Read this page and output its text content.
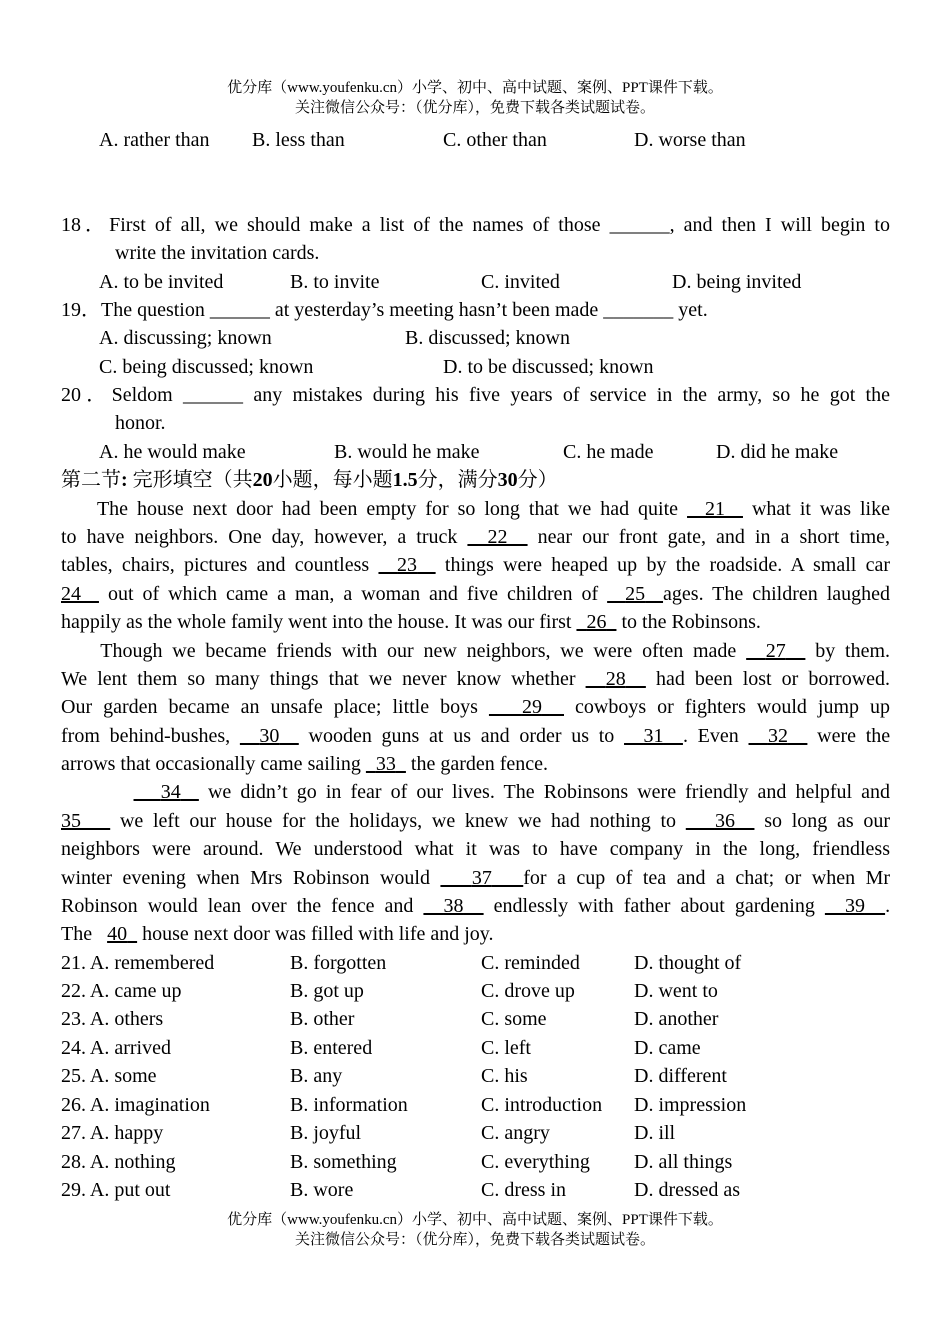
优分库（www.youfenku.cn）小学、初中、高中试题、案例、PPT课件下载。
关注微信公众号：（优分库），免费下载各类试题试卷。
A. rather than B. less than	C. other than	D. worse than
18．First of all, we should make a list of the names of those ______, and then I will begin to
write the invitation cards.
A. to be invited	B. to invite	C. invited	D. being invited
19．The question ______ at yesterday’s meeting hasn’t been made _______ yet.
A. discussing; known	B. discussed; known
C. being discussed; known	D. to be discussed; known
20．Seldom ______ any mistakes during his five years of service in the army, so he got the
honor.
A. he would make	B. would he make	C. he made	D. did he make
第二节: 完形填空（共20小题，每小题1.5分，满分30分）
The house next door had been empty for so long that we had quite 21 what it was like
to have neighbors. One day, however, a truck 22 near our front gate, and in a short time,
tables, chairs, pictures and countless 23 things were heaped up by the roadside. A small car
24 out of which came a man, a woman and five children of 25 ages. The children laughed
happily as the whole family went into the house. It was our first 26 to the Robinsons.
Though we became friends with our new neighbors, we were often made 27 by them.
We lent them so many things that we never know whether 28 had been lost or borrowed.
Our garden became an unsafe place; little boys 29 cowboys or fighters would jump up
from behind-bushes, 30 wooden guns at us and order us to 31 . Even 32 were the
arrows that occasionally came sailing 33 the garden fence.
34 we didn’t go in fear of our lives. The Robinsons were friendly and helpful and
35 we left our house for the holidays, we knew we had nothing to 36 so long as our
neighbors were around. We understood what it was to have company in the long, friendless
winter evening when Mrs Robinson would 37 for a cup of tea and a chat; or when Mr
Robinson would lean over the fence and 38 endlessly with father about gardening 39 .
The 40 house next door was filled with life and joy.
21. A. remembered	B. forgotten	C. reminded	D. thought of
22. A. came up	B. got up	C. drove up	D. went to
23. A. others	B. other	C. some	D. another
24. A. arrived	B. entered	C. left	D. came
25. A. some	B. any	C. his	D. different
26. A. imagination	B. information	C. introduction D. impression
27. A. happy	B. joyful	C. angry	D. ill
28. A. nothing	B. something	C. everything D. all things
29. A. put out	B. wore	C. dress in	D. dressed as
优分库（www.youfenku.cn）小学、初中、高中试题、案例、PPT课件下载。
关注微信公众号：（优分库），免费下载各类试题试卷。
